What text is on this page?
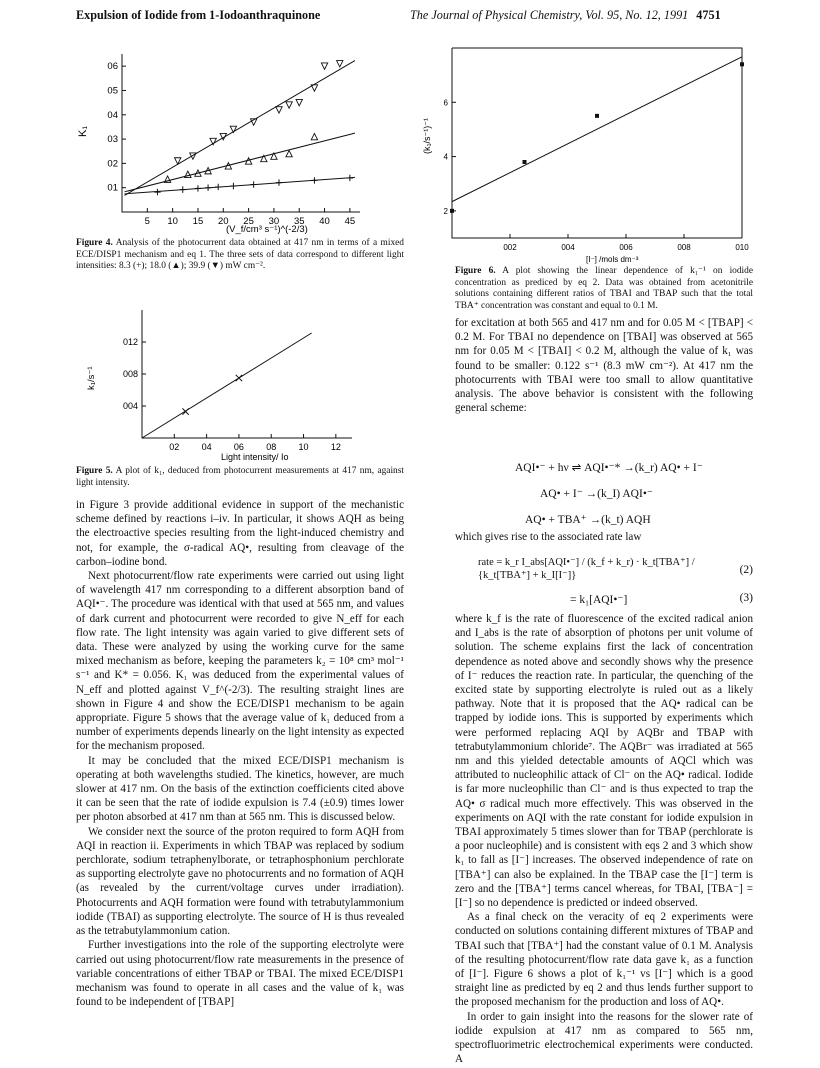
Expulsion of Iodide from 1-Iodoanthraquinone	The Journal of Physical Chemistry, Vol. 95, No. 12, 1991 4751
5 10 15 20 25 30 35 40 45
01
02
03
04
05
06
K₁
(V_f/cm³ s⁻¹)^(-2/3)
Figure 4. Analysis of the photocurrent data obtained at 417 nm in terms of a mixed ECE/DISP1 mechanism and eq 1. The three sets of data correspond to different light intensities: 8.3 (+); 18.0 (▲); 39.9 (▼) mW cm⁻².
02 04 06 08 10 12
004
008
012
k₁/s⁻¹
Light intensity/ Io
Figure 5. A plot of k₁, deduced from photocurrent measurements at 417 nm, against light intensity.

in Figure 3 provide additional evidence in support of the mechanistic scheme defined by reactions i–iv. In particular, it shows AQH as being the electroactive species resulting from the light-induced chemistry and not, for example, the σ-radical AQ•, resulting from cleavage of the carbon–iodine bond.

Next photocurrent/flow rate experiments were carried out using light of wavelength 417 nm corresponding to a different absorption band of AQI•⁻. The procedure was identical with that used at 565 nm, and values of dark current and photocurrent were recorded to give N_eff for each flow rate. The light intensity was again varied to give different sets of data. These were analyzed by using the working curve for the same mixed mechanism as before, keeping the parameters k₂ = 10⁸ cm³ mol⁻¹ s⁻¹ and K* = 0.056. K₁ was deduced from the experimental values of N_eff and plotted against V_f^(-2/3). The resulting straight lines are shown in Figure 4 and show the ECE/DISP1 mechanism to be again appropriate. Figure 5 shows that the average value of k₁ deduced from a number of experiments depends linearly on the light intensity as expected for the mechanism proposed.

It may be concluded that the mixed ECE/DISP1 mechanism is operating at both wavelengths studied. The kinetics, however, are much slower at 417 nm. On the basis of the extinction coefficients cited above it can be seen that the rate of iodide expulsion is 7.4 (±0.9) times lower per photon absorbed at 417 nm than at 565 nm. This is discussed below.

We consider next the source of the proton required to form AQH from AQI in reaction ii. Experiments in which TBAP was replaced by sodium perchlorate, sodium tetraphenylborate, or tetraphosphonium perchlorate as supporting electrolyte gave no photocurrents and no formation of AQH (as revealed by the current/voltage curves under irradiation). Photocurrents and AQH formation were found with tetrabutylammonium iodide (TBAI) as supporting electrolyte. The source of H is thus revealed as the tetrabutylammonium cation.

Further investigations into the role of the supporting electrolyte were carried out using photocurrent/flow rate measurements in the presence of variable concentrations of either TBAP or TBAI. The mixed ECE/DISP1 mechanism was found to operate in all cases and the value of k₁ was found to be independent of [TBAP]

002	004	006	008	010
2
4
6
(k₁/s⁻¹)⁻¹
[I⁻] /mols dm⁻³
Figure 6. A plot showing the linear dependence of k₁⁻¹ on iodide concentration as prediced by eq 2. Data was obtained from acetonitrile solutions containing different ratios of TBAI and TBAP such that the total TBA⁺ concentration was constant and equal to 0.1 M.

for excitation at both 565 and 417 nm and for 0.05 M < [TBAP] < 0.2 M. For TBAI no dependence on [TBAI] was observed at 565 nm for 0.05 M < [TBAI] < 0.2 M, although the value of k₁ was found to be smaller: 0.122 s⁻¹ (8.3 mW cm⁻²). At 417 nm the photocurrents with TBAI were too small to allow quantitative analysis. The above behavior is consistent with the following general scheme:

AQI•⁻ + hν ⇌ AQI•⁻* →(k_r) AQ• + I⁻
AQ• + I⁻ →(k_I) AQI•⁻
AQ• + TBA⁺ →(k_t) AQH
which gives rise to the associated rate law
rate = k_r I_abs[AQI•⁻] / (k_f + k_r) · k_t[TBA⁺] / {k_t[TBA⁺] + k_I[I⁻]}	(2)
= k₁[AQI•⁻]	(3)

where k_f is the rate of fluorescence of the excited radical anion and I_abs is the rate of absorption of photons per unit volume of solution. The scheme explains first the lack of concentration dependence as noted above and secondly shows why the presence of I⁻ reduces the reaction rate. In particular, the quenching of the excited state by supporting electrolyte is ruled out as a likely pathway. Note that it is proposed that the AQ• radical can be trapped by iodide ions. This is supported by experiments which were performed replacing AQI by AQBr and TBAP with tetrabutylammonium chloride⁷. The AQBr⁻ was irradiated at 565 nm and this yielded detectable amounts of AQCl which was attributed to nucleophilic attack of Cl⁻ on the AQ• radical. Iodide is far more nucleophilic than Cl⁻ and is thus expected to trap the AQ• σ radical much more effectively. This was observed in the experiments on AQI with the rate constant for iodide expulsion in TBAI approximately 5 times slower than for TBAP (perchlorate is a poor nucleophile) and is consistent with eqs 2 and 3 which show k₁ to fall as [I⁻] increases. The observed independence of rate on [TBA⁺] can also be explained. In the TBAP case the [I⁻] term is zero and the [TBA⁺] terms cancel whereas, for TBAI, [TBA⁻] = [I⁻] so no dependence is predicted or indeed observed.

As a final check on the veracity of eq 2 experiments were conducted on solutions containing different mixtures of TBAP and TBAI such that [TBA⁺] had the constant value of 0.1 M. Analysis of the resulting photocurrent/flow rate data gave k₁ as a function of [I⁻]. Figure 6 shows a plot of k₁⁻¹ vs [I⁻] which is a good straight line as predicted by eq 2 and thus lends further support to the proposed mechanism for the production and loss of AQ•.

In order to gain insight into the reasons for the slower rate of iodide expulsion at 417 nm as compared to 565 nm, spectrofluorimetric electrochemical experiments were conducted. A
